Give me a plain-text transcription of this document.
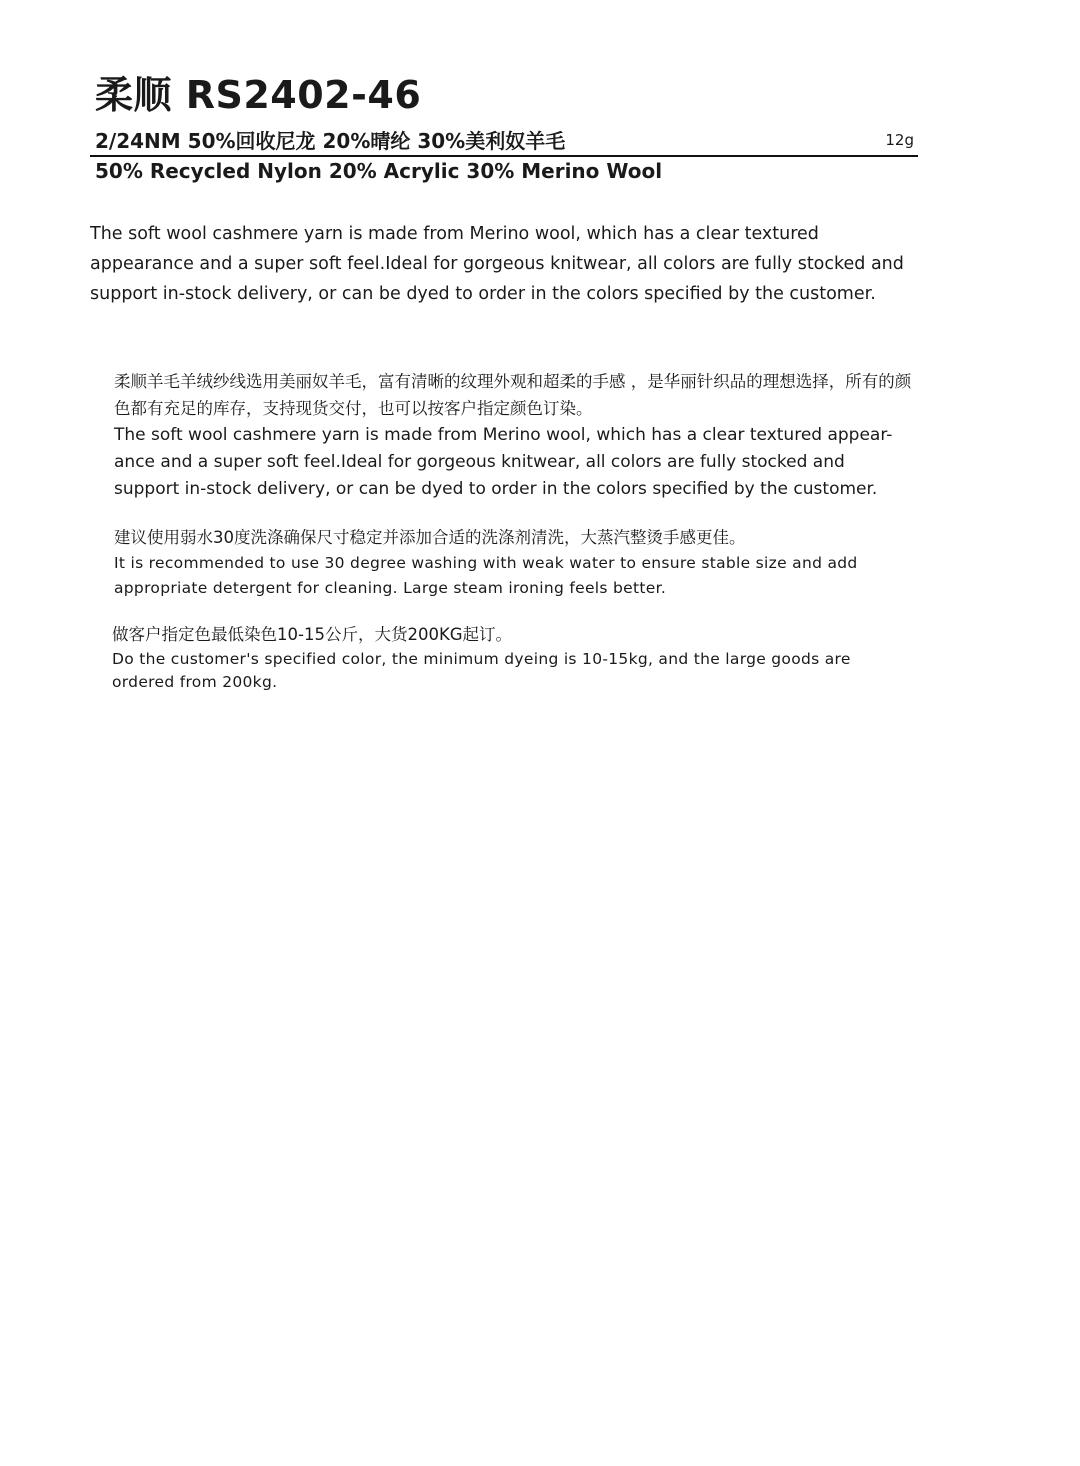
柔顺 RS2402-46
2/24NM 50%回收尼龙 20%晴纶 30%美利奴羊毛	12g
50% Recycled Nylon 20% Acrylic 30% Merino Wool

The soft wool cashmere yarn is made from Merino wool, which has a clear textured appearance and a super soft feel.Ideal for gorgeous knitwear, all colors are fully stocked and support in-stock delivery, or can be dyed to order in the colors specified by the customer.

柔顺羊毛羊绒纱线选用美丽奴羊毛，富有清晰的纹理外观和超柔的手感 ，是华丽针织品的理想选择，所有的颜色都有充足的库存，支持现货交付，也可以按客户指定颜色订染。

The soft wool cashmere yarn is made from Merino wool, which has a clear textured appear-ance and a super soft feel.Ideal for gorgeous knitwear, all colors are fully stocked and support in-stock delivery, or can be dyed to order in the colors specified by the customer.

建议使用弱水30度洗涤确保尺寸稳定并添加合适的洗涤剂清洗，大蒸汽整烫手感更佳。

It is recommended to use 30 degree washing with weak water to ensure stable size and add appropriate detergent for cleaning. Large steam ironing feels better.

做客户指定色最低染色10-15公斤，大货200KG起订。

Do the customer's specified color, the minimum dyeing is 10-15kg, and the large goods are ordered from 200kg.
